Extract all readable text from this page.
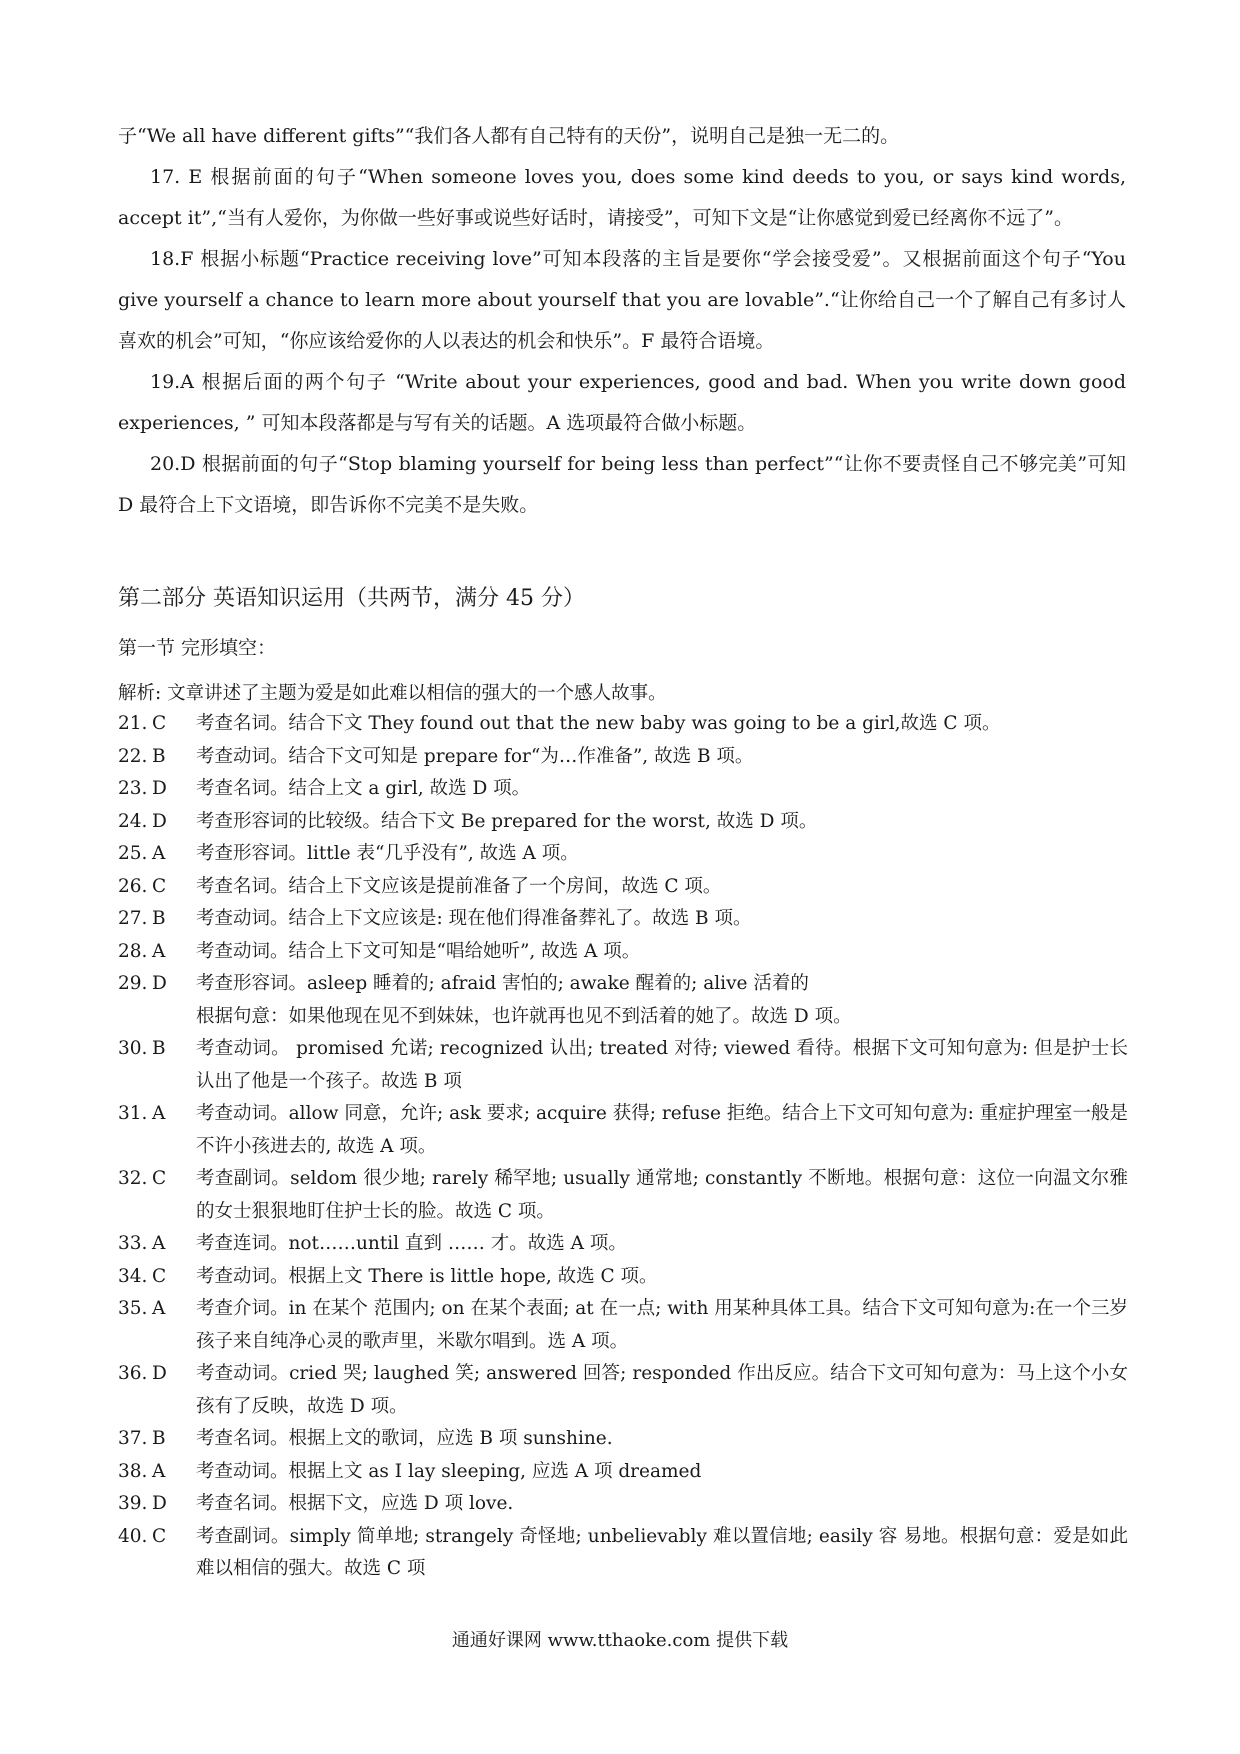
子“We all have different gifts”“我们各人都有自己特有的天份”，说明自己是独一无二的。

17. E 根据前面的句子“When someone loves you, does some kind deeds to you, or says kind words, accept it”,“当有人爱你，为你做一些好事或说些好话时，请接受”，可知下文是“让你感觉到爱已经离你不远了”。

18.F 根据小标题“Practice receiving love”可知本段落的主旨是要你“学会接受爱”。又根据前面这个句子“You give yourself a chance to learn more about yourself that you are lovable”.“让你给自己一个了解自己有多讨人喜欢的机会”可知，“你应该给爱你的人以表达的机会和快乐”。F 最符合语境。

19.A 根据后面的两个句子 “Write about your experiences, good and bad. When you write down good experiences, ” 可知本段落都是与写有关的话题。A 选项最符合做小标题。

20.D 根据前面的句子“Stop blaming yourself for being less than perfect”“让你不要责怪自己不够完美”可知 D 最符合上下文语境，即告诉你不完美不是失败。

第二部分 英语知识运用（共两节，满分 45 分）

第一节 完形填空：

解析: 文章讲述了主题为爱是如此难以相信的强大的一个感人故事。

21. C	考查名词。结合下文 They found out that the new baby was going to be a girl,故选 C 项。
22. B	考查动词。结合下文可知是 prepare for“为…作准备”, 故选 B 项。
23. D	考查名词。结合上文 a girl, 故选 D 项。
24. D	考查形容词的比较级。结合下文 Be prepared for the worst, 故选 D 项。
25. A	考查形容词。little 表“几乎没有”, 故选 A 项。
26. C	考查名词。结合上下文应该是提前准备了一个房间，故选 C 项。
27. B	考查动词。结合上下文应该是: 现在他们得准备葬礼了。故选 B 项。
28. A	考查动词。结合上下文可知是“唱给她听”, 故选 A 项。
29. D	考查形容词。asleep 睡着的; afraid 害怕的; awake 醒着的; alive 活着的
根据句意：如果他现在见不到妹妹，也许就再也见不到活着的她了。故选 D 项。
30. B	考查动词。 promised 允诺; recognized 认出; treated 对待; viewed 看待。根据下文可知句意为: 但是护士长认出了他是一个孩子。故选 B 项
31. A	考查动词。allow 同意，允许; ask 要求; acquire 获得; refuse 拒绝。结合上下文可知句意为: 重症护理室一般是不许小孩进去的, 故选 A 项。
32. C	考查副词。seldom 很少地; rarely 稀罕地; usually 通常地; constantly 不断地。根据句意：这位一向温文尔雅的女士狠狠地盯住护士长的脸。故选 C 项。
33. A	考查连词。not……until 直到 …… 才。故选 A 项。
34. C	考查动词。根据上文 There is little hope, 故选 C 项。
35. A	考查介词。in 在某个 范围内; on 在某个表面; at 在一点; with 用某种具体工具。结合下文可知句意为:在一个三岁孩子来自纯净心灵的歌声里，米歇尔唱到。选 A 项。
36. D	考查动词。cried 哭; laughed 笑; answered 回答; responded 作出反应。结合下文可知句意为：马上这个小女孩有了反映，故选 D 项。
37. B	考查名词。根据上文的歌词，应选 B 项 sunshine.
38. A	考查动词。根据上文 as I lay sleeping, 应选 A 项 dreamed
39. D	考查名词。根据下文，应选 D 项 love.
40. C	考查副词。simply 简单地; strangely 奇怪地; unbelievably 难以置信地; easily 容 易地。根据句意：爱是如此难以相信的强大。故选 C 项

通通好课网 www.tthaoke.com 提供下载
